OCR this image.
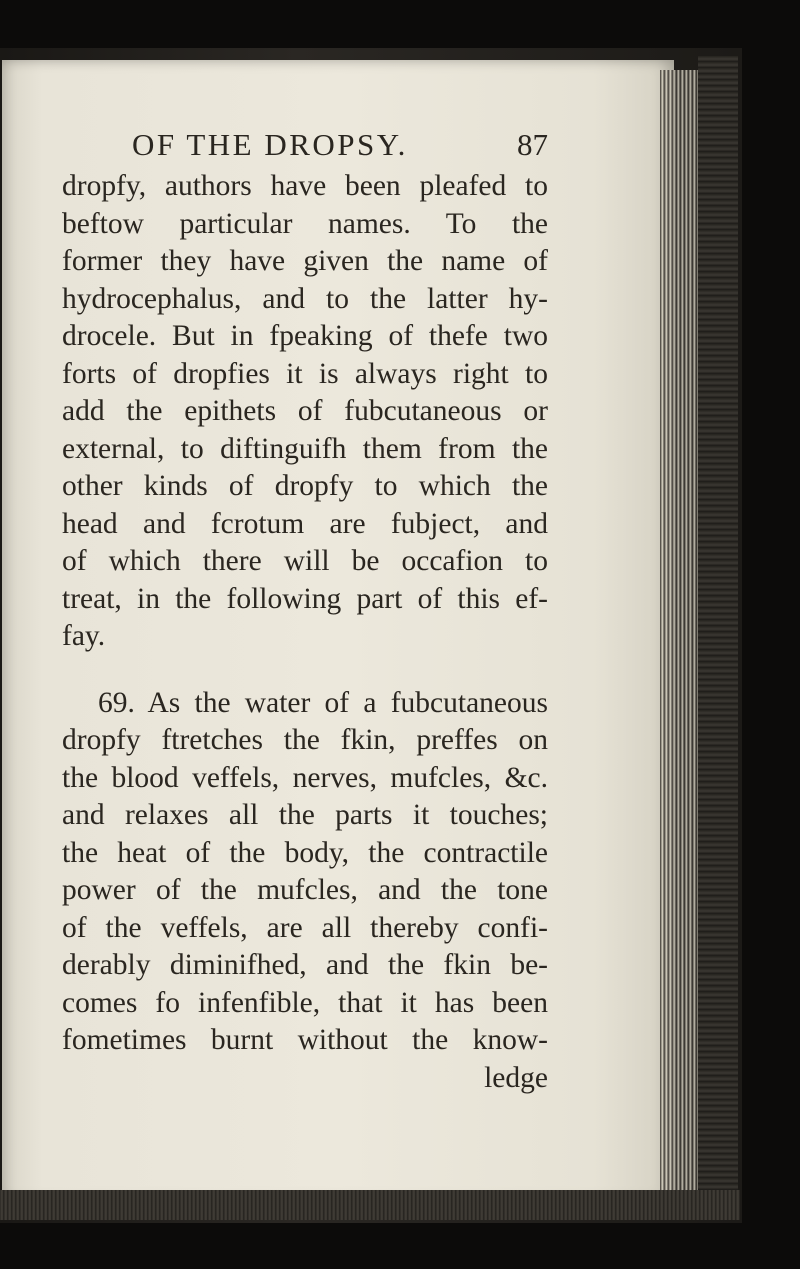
OF THE DROPSY.	87
dropfy, authors have been pleafed to
beftow particular names. To the
former they have given the name of
hydrocephalus, and to the latter hy-
drocele. But in fpeaking of thefe two
forts of dropfies it is always right to
add the epithets of fubcutaneous or
external, to diftinguifh them from the
other kinds of dropfy to which the
head and fcrotum are fubject, and
of which there will be occafion to
treat, in the following part of this ef-
fay.
69. As the water of a fubcutaneous
dropfy ftretches the fkin, preffes on
the blood veffels, nerves, mufcles, &c.
and relaxes all the parts it touches;
the heat of the body, the contractile
power of the mufcles, and the tone
of the veffels, are all thereby confi-
derably diminifhed, and the fkin be-
comes fo infenfible, that it has been
fometimes burnt without the know-
ledge
